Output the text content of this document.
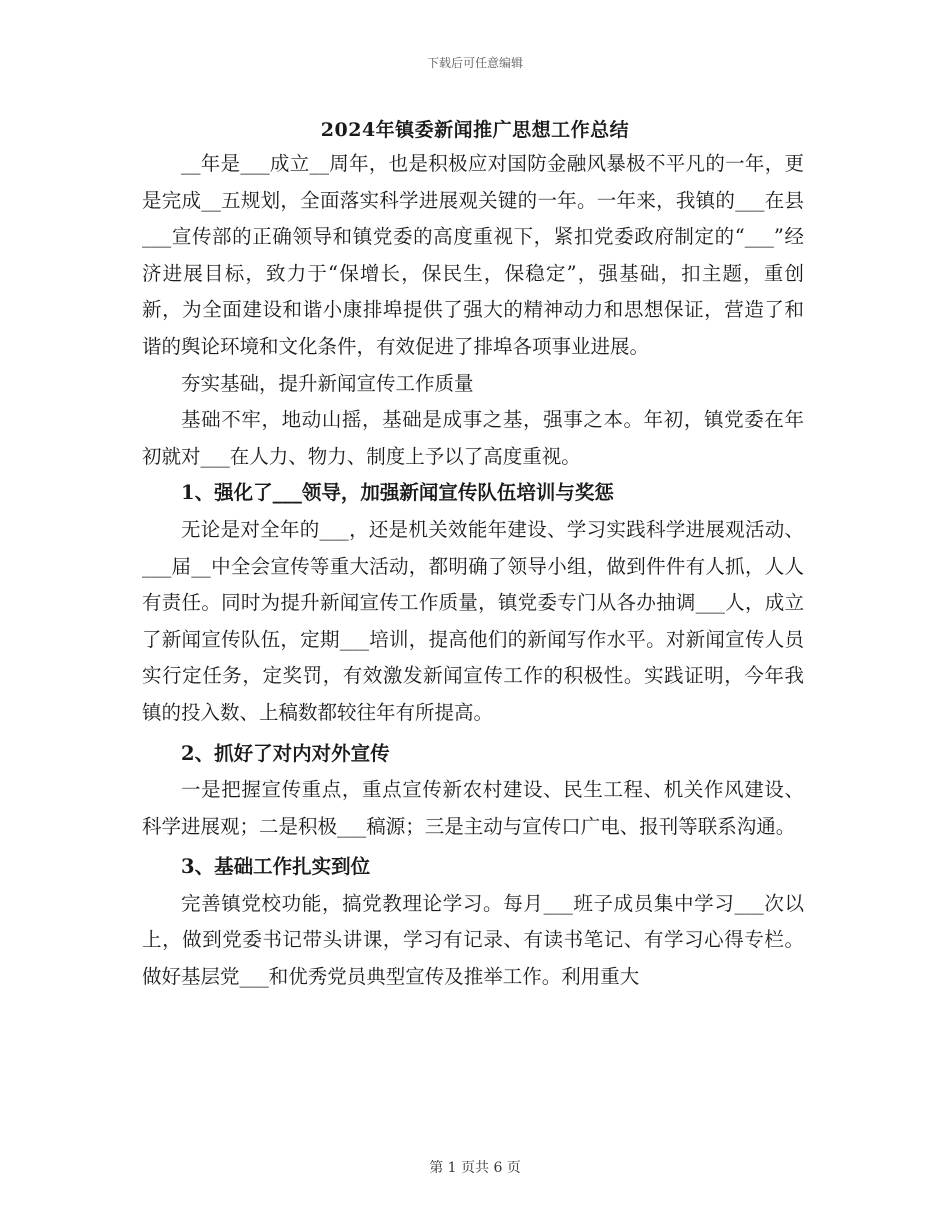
下载后可任意编辑
2024年镇委新闻推广思想工作总结

__年是___成立__周年，也是积极应对国防金融风暴极不平凡的一年，更是完成__五规划，全面落实科学进展观关键的一年。一年来，我镇的___在县___宣传部的正确领导和镇党委的高度重视下，紧扣党委政府制定的“___”经济进展目标，致力于“保增长，保民生，保稳定”，强基础，扣主题，重创新，为全面建设和谐小康排埠提供了强大的精神动力和思想保证，营造了和谐的舆论环境和文化条件，有效促进了排埠各项事业进展。

夯实基础，提升新闻宣传工作质量

基础不牢，地动山摇，基础是成事之基，强事之本。年初，镇党委在年初就对___在人力、物力、制度上予以了高度重视。

1、强化了___领导，加强新闻宣传队伍培训与奖惩

无论是对全年的___，还是机关效能年建设、学习实践科学进展观活动、___届__中全会宣传等重大活动，都明确了领导小组，做到件件有人抓，人人有责任。同时为提升新闻宣传工作质量，镇党委专门从各办抽调___人，成立了新闻宣传队伍，定期___培训，提高他们的新闻写作水平。对新闻宣传人员实行定任务，定奖罚，有效激发新闻宣传工作的积极性。实践证明，今年我镇的投入数、上稿数都较往年有所提高。

2、抓好了对内对外宣传

一是把握宣传重点，重点宣传新农村建设、民生工程、机关作风建设、科学进展观；二是积极___稿源；三是主动与宣传口广电、报刊等联系沟通。

3、基础工作扎实到位

完善镇党校功能，搞党教理论学习。每月___班子成员集中学习___次以上，做到党委书记带头讲课，学习有记录、有读书笔记、有学习心得专栏。做好基层党___和优秀党员典型宣传及推举工作。利用重大

第 1 页共 6 页
